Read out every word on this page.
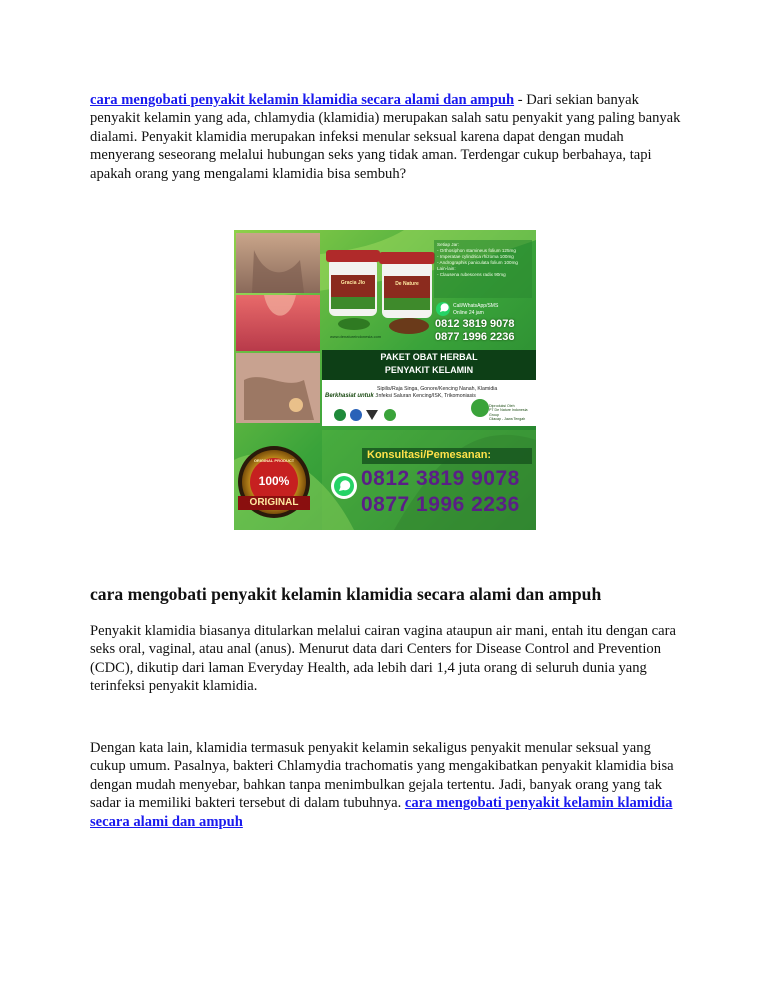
cara mengobati penyakit kelamin klamidia secara alami dan ampuh - Dari sekian banyak penyakit kelamin yang ada, chlamydia (klamidia) merupakan salah satu penyakit yang paling banyak dialami. Penyakit klamidia merupakan infeksi menular seksual karena dapat dengan mudah menyerang seseorang melalui hubungan seks yang tidak aman. Terdengar cukup berbahaya, tapi apakah orang yang mengalami klamidia bisa sembuh?

Setiap Jar:
- Orthosiphon stamineus folium 125mg
- Imperatae cylindrica rhizoma 100mg
- Andrographis paniculata folium 100mg
Lain-lain:
- Clausena rubescens radix 90mg
Gracia Jlo	De Nature
www.denatureindonesia.com
Call/WhatsApp/SMS
Online 24 jam
0812 3819 9078
0877 1996 2236
PAKET OBAT HERBAL
PENYAKIT KELAMIN
Berkhasiat untuk :
Sipilis/Raja Singa, Gonore/Kencing Nanah, Klamidia
Infeksi Saluran Kencing/ISK, Trikomoniasis
Diproduksi Oleh
PT De Nature Indonesia Group
Cilacap - Jawa Tengah
Konsultasi/Pemesanan:
0812 3819 9078
0877 1996 2236
ORIGINAL PRODUCT
100%
ORIGINAL
cara mengobati penyakit kelamin klamidia secara alami dan ampuh

Penyakit klamidia biasanya ditularkan melalui cairan vagina ataupun air mani, entah itu dengan cara seks oral, vaginal, atau anal (anus). Menurut data dari Centers for Disease Control and Prevention (CDC), dikutip dari laman Everyday Health, ada lebih dari 1,4 juta orang di seluruh dunia yang terinfeksi penyakit klamidia.

Dengan kata lain, klamidia termasuk penyakit kelamin sekaligus penyakit menular seksual yang cukup umum. Pasalnya, bakteri Chlamydia trachomatis yang mengakibatkan penyakit klamidia bisa dengan mudah menyebar, bahkan tanpa menimbulkan gejala tertentu. Jadi, banyak orang yang tak sadar ia memiliki bakteri tersebut di dalam tubuhnya. cara mengobati penyakit kelamin klamidia secara alami dan ampuh
